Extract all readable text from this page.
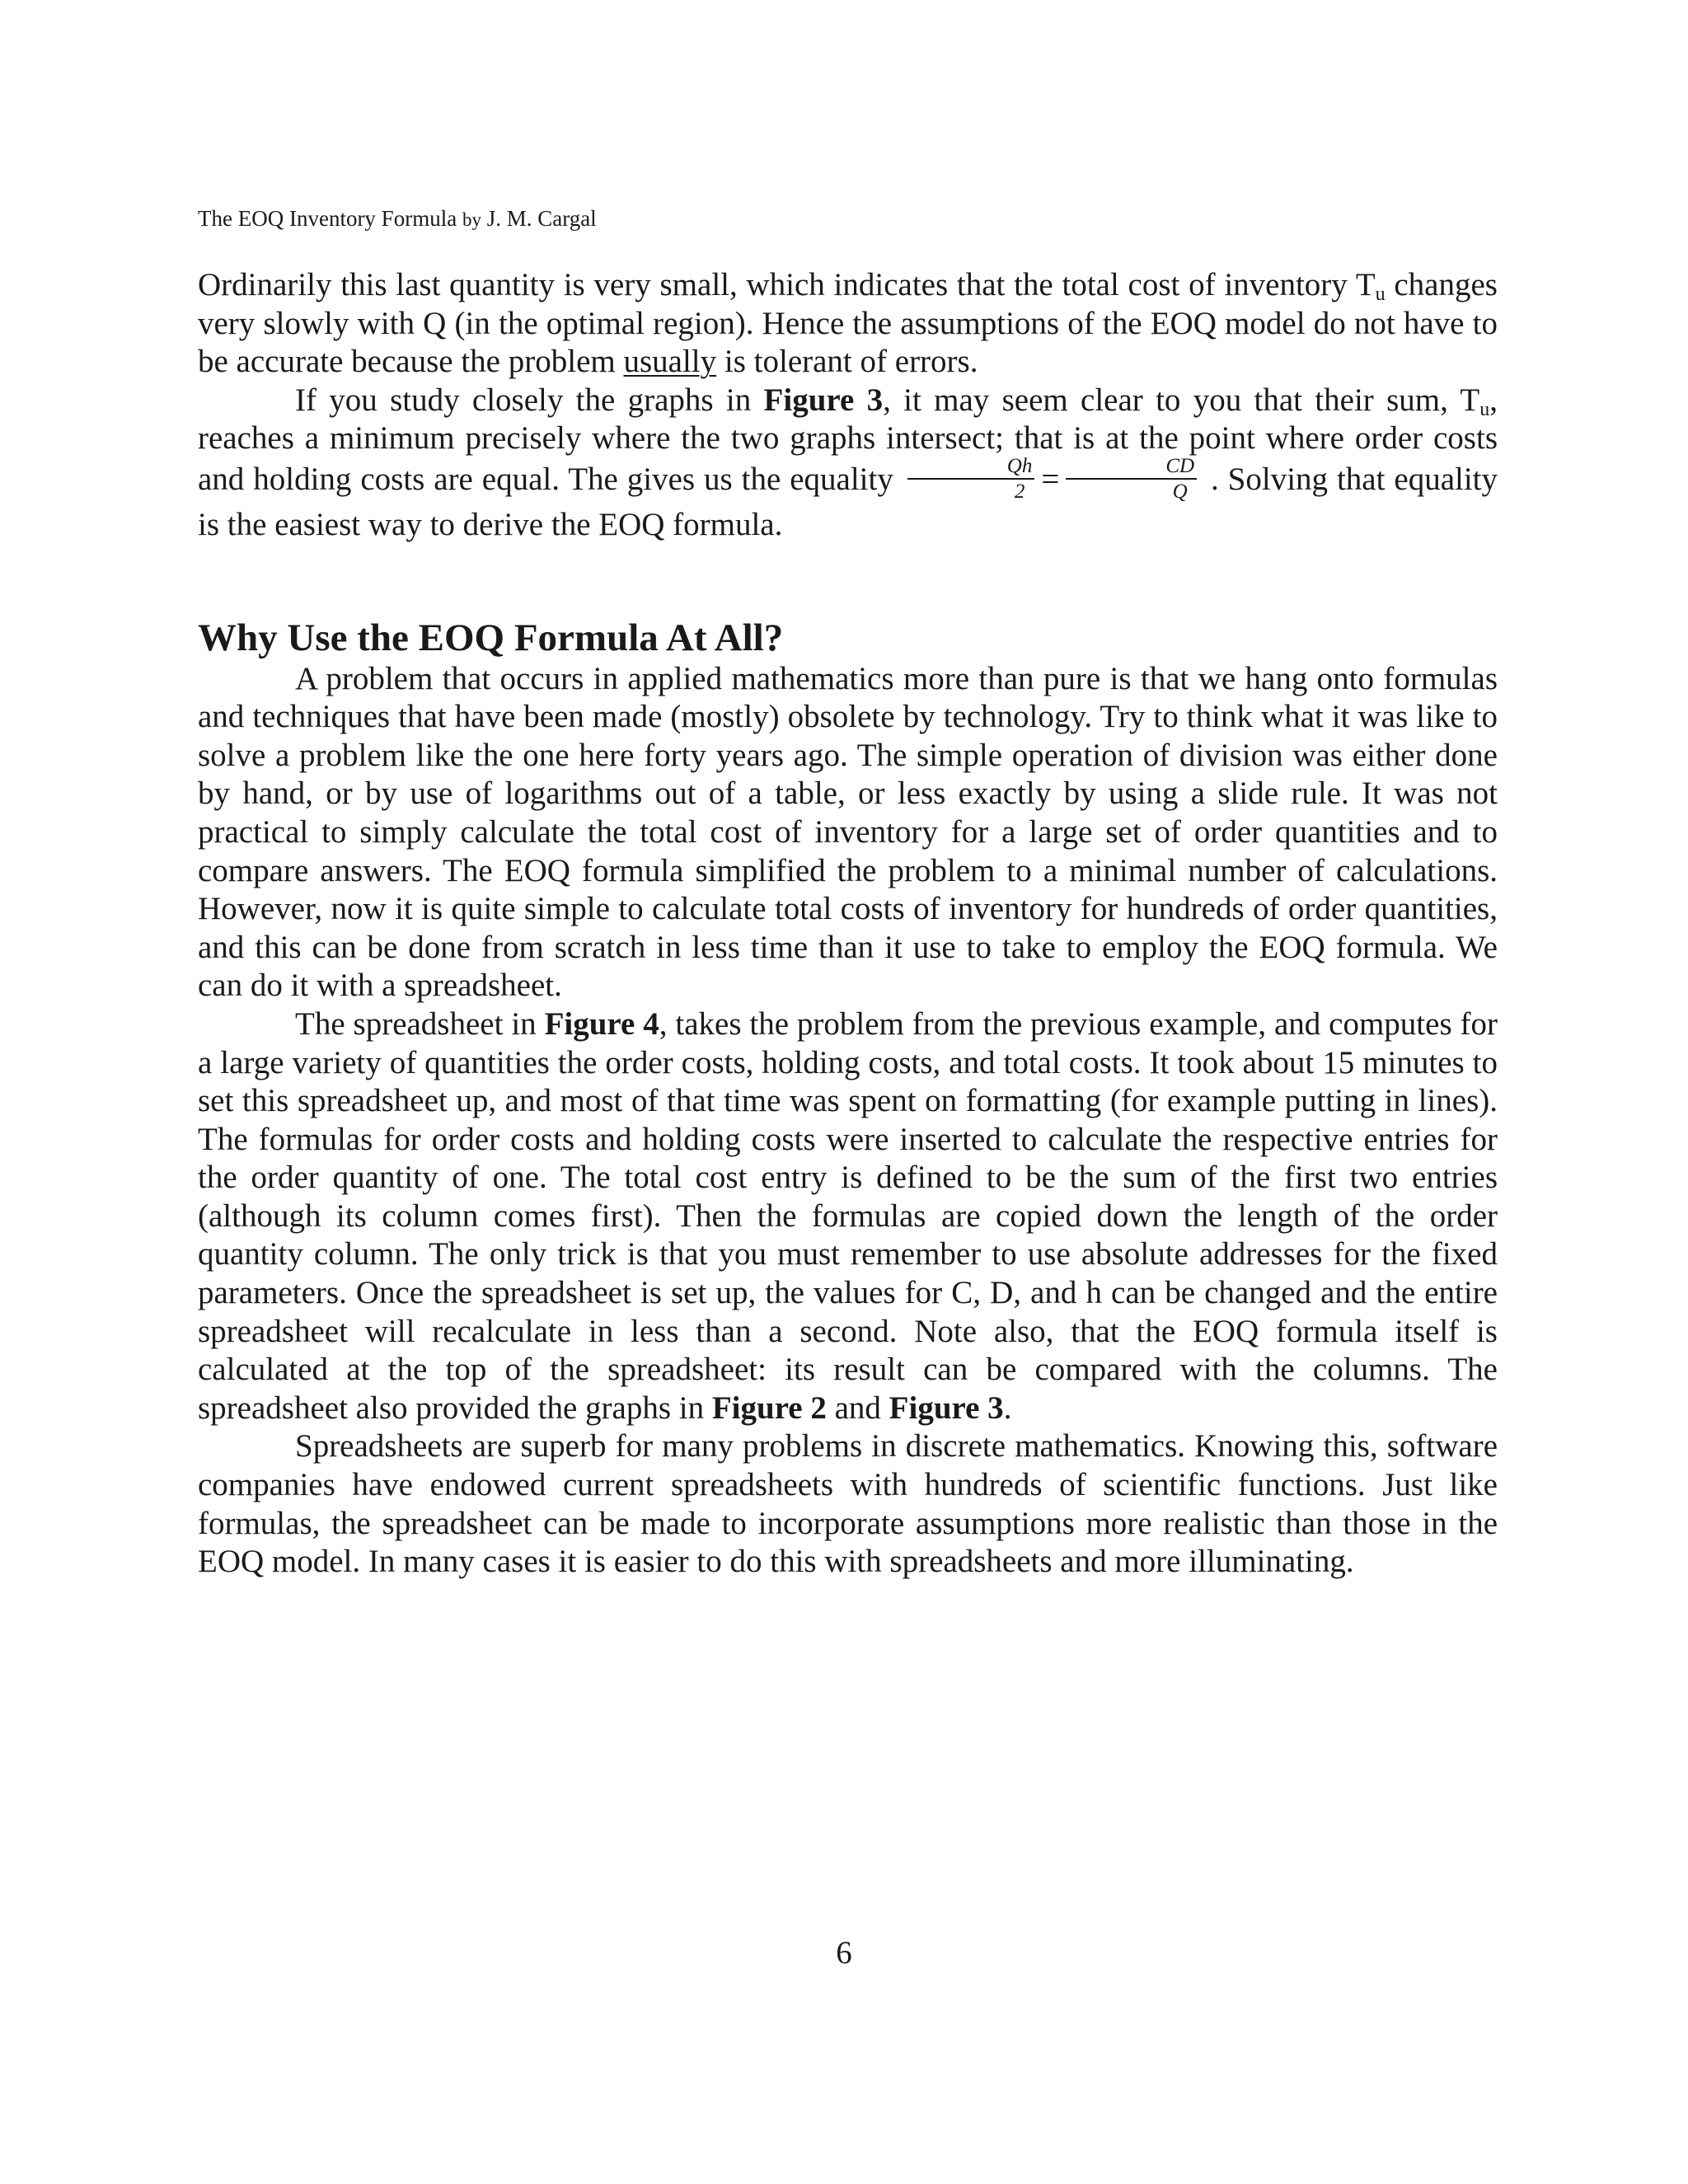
The EOQ Inventory Formula by J. M. Cargal

Ordinarily this last quantity is very small, which indicates that the total cost of inventory $T_u$ changes very slowly with Q (in the optimal region). Hence the assumptions of the EOQ model do not have to be accurate because the problem usually is tolerant of errors.

If you study closely the graphs in Figure 3, it may seem clear to you that their sum, $T_u$, reaches a minimum precisely where the two graphs intersect; that is at the point where order costs and holding costs are equal. The gives us the equality $\frac{Qh}{2} = \frac{CD}{Q}$ . Solving that equality is the easiest way to derive the EOQ formula.

Why Use the EOQ Formula At All?

A problem that occurs in applied mathematics more than pure is that we hang onto formulas and techniques that have been made (mostly) obsolete by technology. Try to think what it was like to solve a problem like the one here forty years ago. The simple operation of division was either done by hand, or by use of logarithms out of a table, or less exactly by using a slide rule. It was not practical to simply calculate the total cost of inventory for a large set of order quantities and to compare answers. The EOQ formula simplified the problem to a minimal number of calculations. However, now it is quite simple to calculate total costs of inventory for hundreds of order quantities, and this can be done from scratch in less time than it use to take to employ the EOQ formula. We can do it with a spreadsheet.

The spreadsheet in Figure 4, takes the problem from the previous example, and computes for a large variety of quantities the order costs, holding costs, and total costs. It took about 15 minutes to set this spreadsheet up, and most of that time was spent on formatting (for example putting in lines). The formulas for order costs and holding costs were inserted to calculate the respective entries for the order quantity of one. The total cost entry is defined to be the sum of the first two entries (although its column comes first). Then the formulas are copied down the length of the order quantity column. The only trick is that you must remember to use absolute addresses for the fixed parameters. Once the spreadsheet is set up, the values for C, D, and h can be changed and the entire spreadsheet will recalculate in less than a second. Note also, that the EOQ formula itself is calculated at the top of the spreadsheet: its result can be compared with the columns. The spreadsheet also provided the graphs in Figure 2 and Figure 3.

Spreadsheets are superb for many problems in discrete mathematics. Knowing this, software companies have endowed current spreadsheets with hundreds of scientific functions. Just like formulas, the spreadsheet can be made to incorporate assumptions more realistic than those in the EOQ model. In many cases it is easier to do this with spreadsheets and more illuminating.

6
